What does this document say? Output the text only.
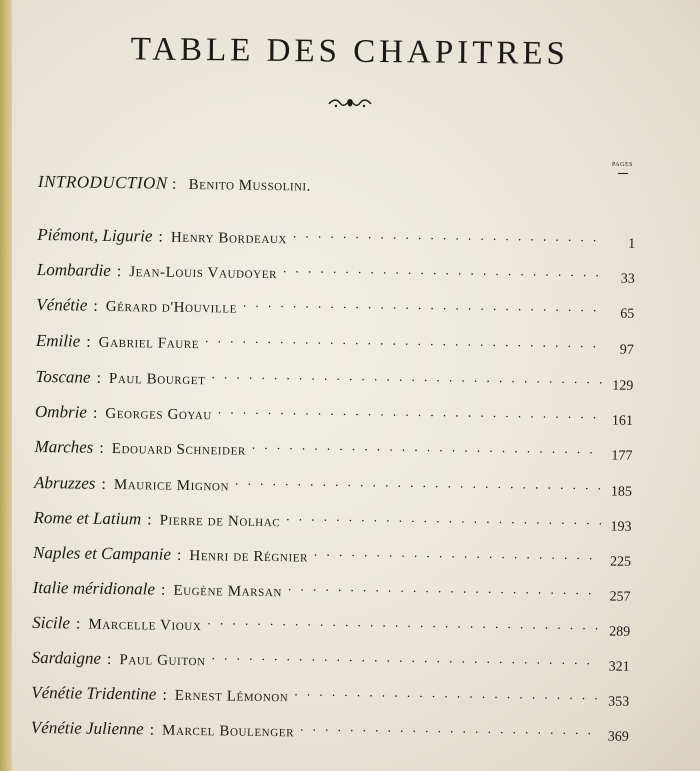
TABLE DES CHAPITRES
PAGES
INTRODUCTION : Benito Mussolini.
Piémont, Ligurie : Henry Bordeaux . . .	1
Lombardie : Jean-Louis Vaudoyer . . .	33
Vénétie : Gérard d'Houville . . .	65
Emilie : Gabriel Faure . . .	97
Toscane : Paul Bourget . . .	129
Ombrie : Georges Goyau . . .	161
Marches : Edouard Schneider . . .	177
Abruzzes : Maurice Mignon . . .	185
Rome et Latium : Pierre de Nolhac . . .	193
Naples et Campanie : Henri de Régnier . . .	225
Italie méridionale : Eugène Marsan . . .	257
Sicile : Marcelle Vioux . . .	289
Sardaigne : Paul Guiton . . .	321
Vénétie Tridentine : Ernest Lémonon . . .	353
Vénétie Julienne : Marcel Boulenger . . .	369
